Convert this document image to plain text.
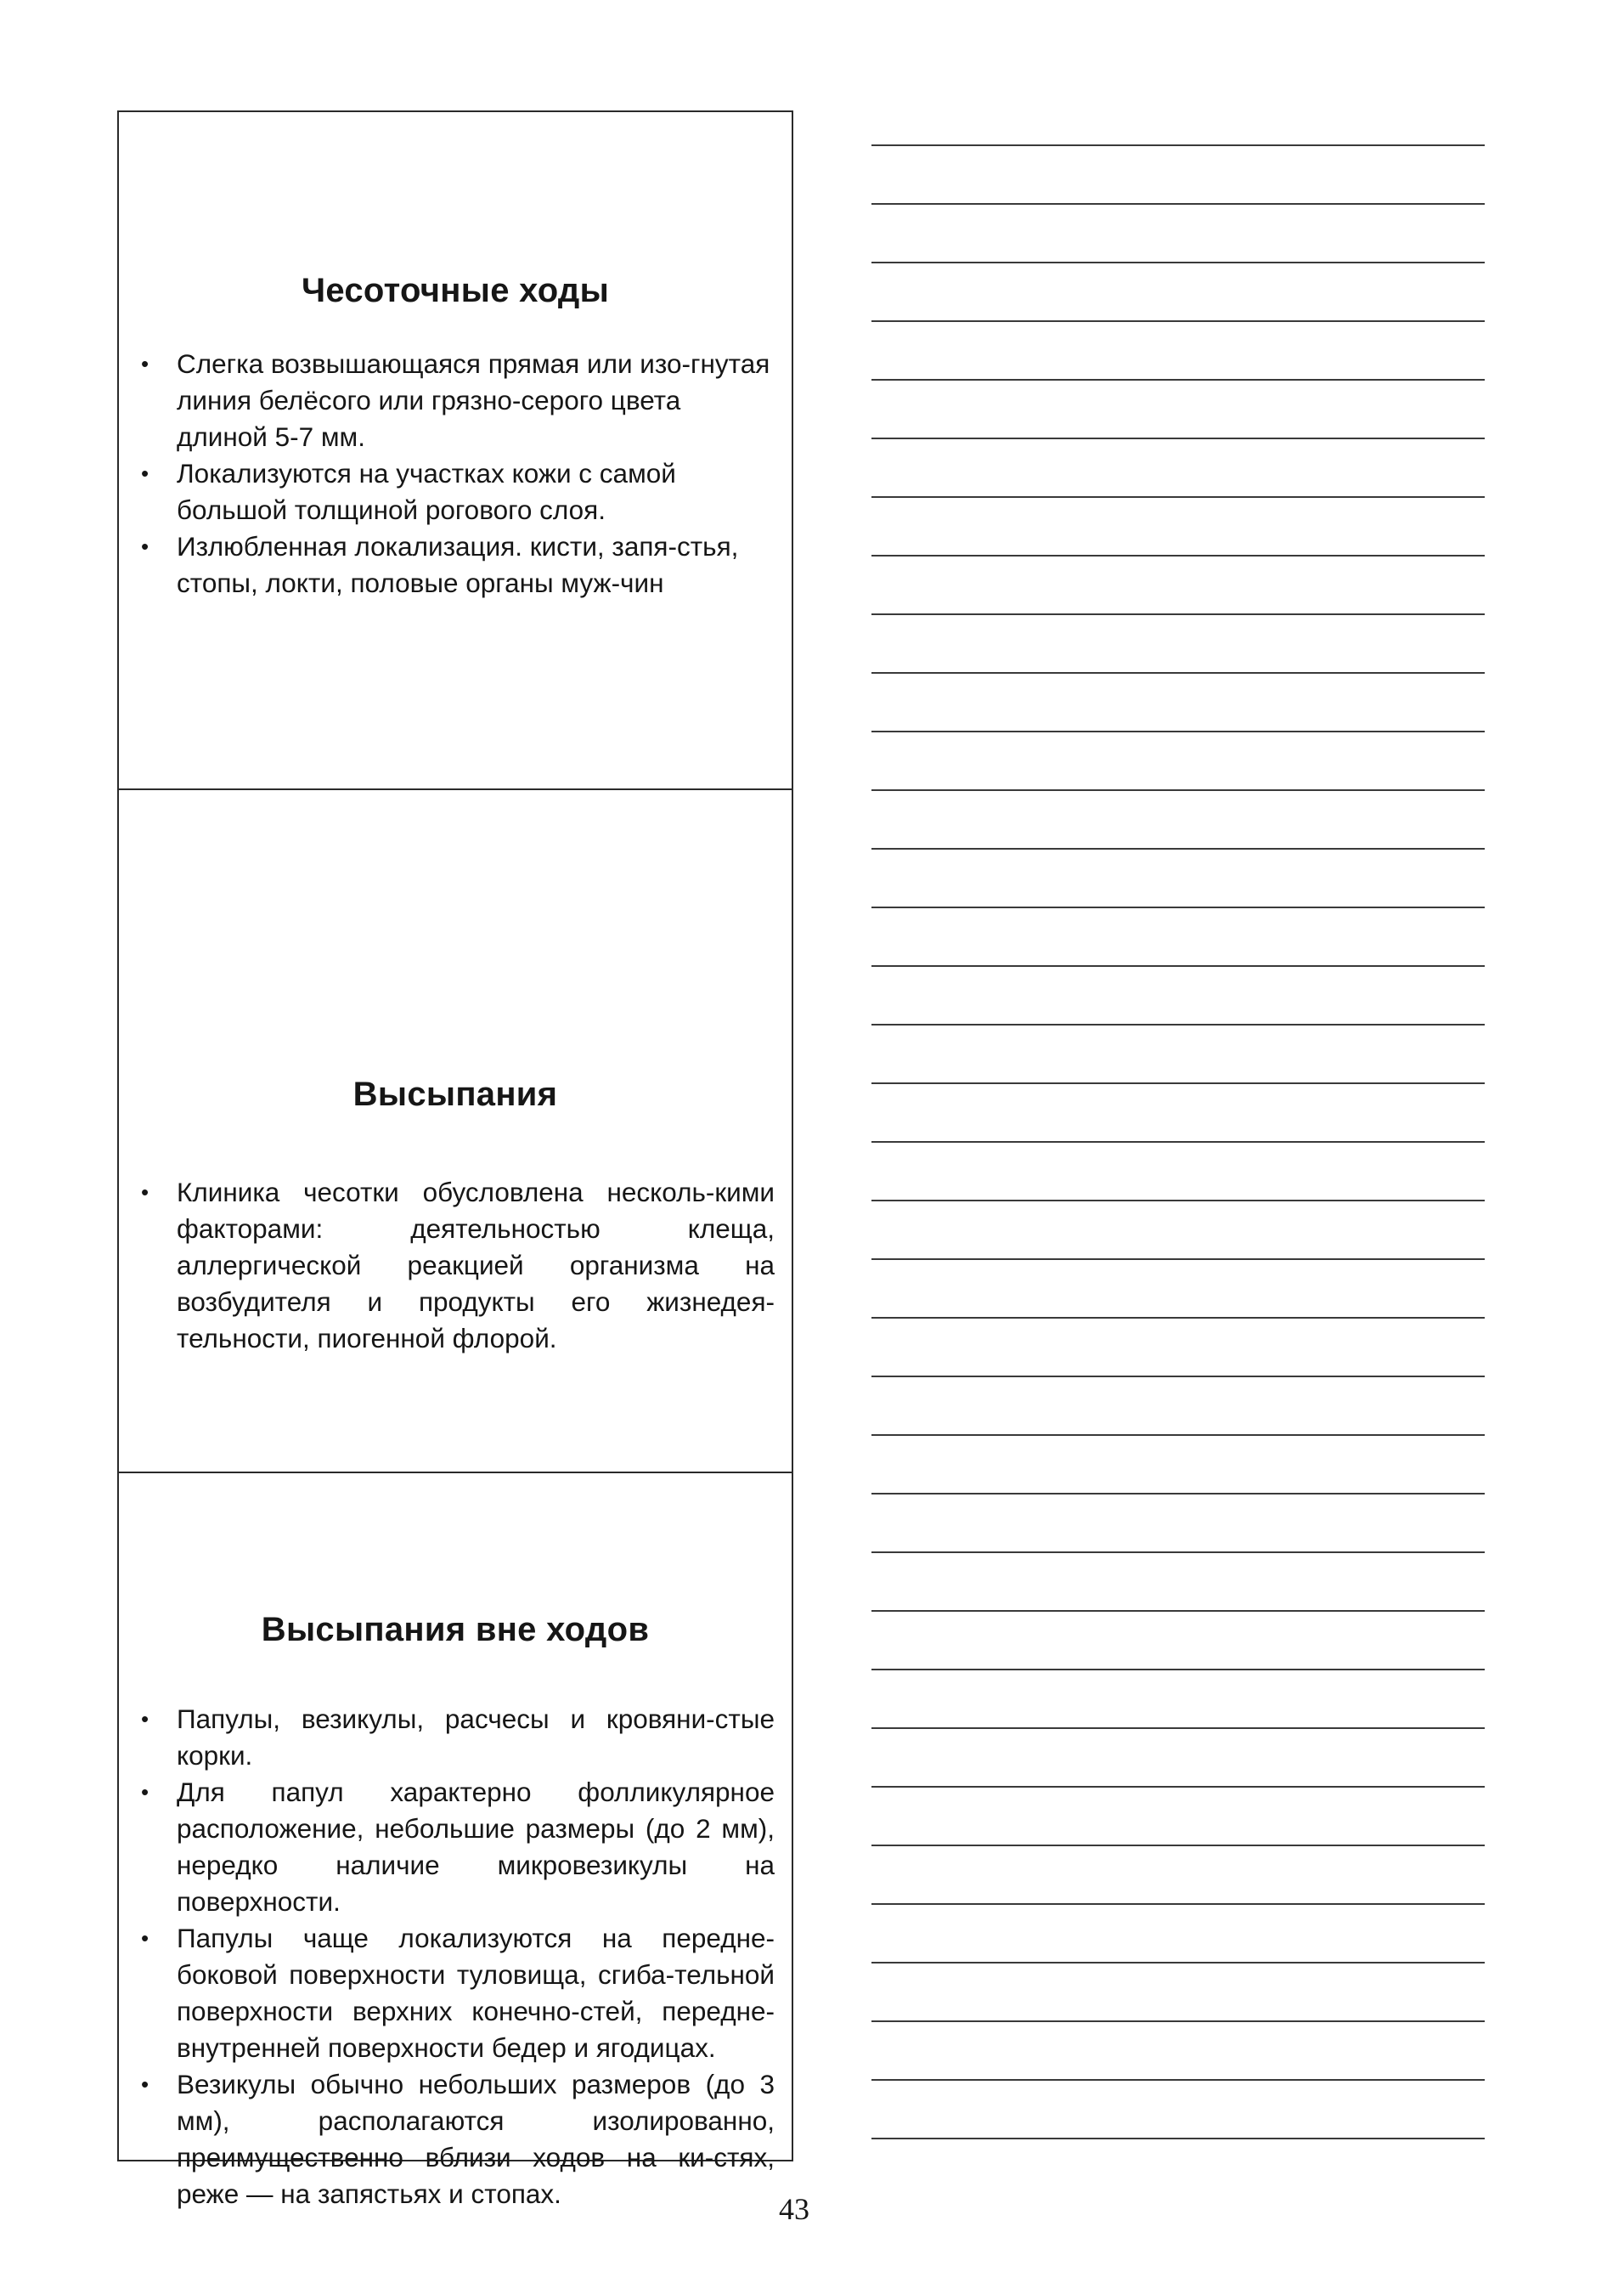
Чесоточные ходы
• Слегка возвышающаяся прямая или изо-гнутая линия белёсого или грязно-серого цвета длиной 5-7 мм.
• Локализуются на участках кожи с самой большой толщиной рогового слоя.
• Излюбленная локализация. кисти, запя-стья, стопы, локти, половые органы муж-чин
Высыпания
• Клиника чесотки обусловлена несколь-кими факторами: деятельностью клеща, аллергической реакцией организма на возбудителя и продукты его жизнедея-тельности, пиогенной флорой.
Высыпания вне ходов
• Папулы, везикулы, расчесы и кровяни-стые корки.
• Для папул характерно фолликулярное расположение, небольшие размеры (до 2 мм), нередко наличие микровезикулы на поверхности.
• Папулы чаще локализуются на передне-боковой поверхности туловища, сгиба-тельной поверхности верхних конечно-стей, передне-внутренней поверхности бедер и ягодицах.
• Везикулы обычно небольших размеров (до 3 мм), располагаются изолированно, преимущественно вблизи ходов на ки-стях, реже — на запястьях и стопах.	43
